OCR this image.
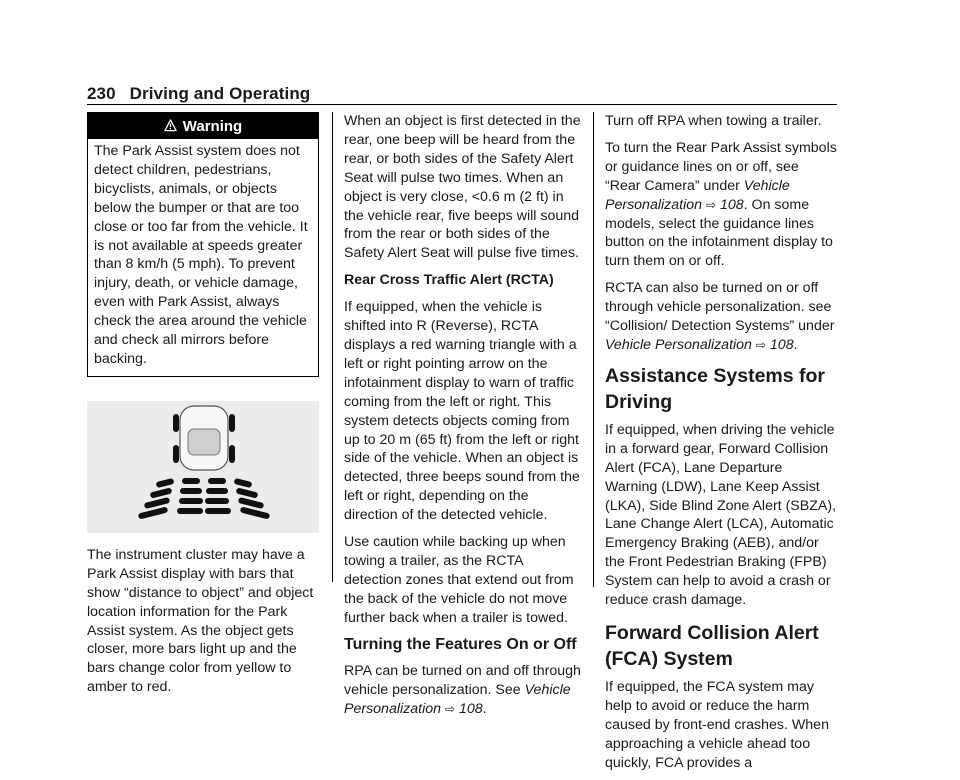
230 Driving and Operating
Warning
The Park Assist system does not detect children, pedestrians, bicyclists, animals, or objects below the bumper or that are too close or too far from the vehicle. It is not available at speeds greater than 8 km/h (5 mph). To prevent injury, death, or vehicle damage, even with Park Assist, always check the area around the vehicle and check all mirrors before backing.

The instrument cluster may have a Park Assist display with bars that show “distance to object” and object location information for the Park Assist system. As the object gets closer, more bars light up and the bars change color from yellow to amber to red.

When an object is first detected in the rear, one beep will be heard from the rear, or both sides of the Safety Alert Seat will pulse two times. When an object is very close, <0.6 m (2 ft) in the vehicle rear, five beeps will sound from the rear or both sides of the Safety Alert Seat will pulse five times.

Rear Cross Traffic Alert (RCTA)

If equipped, when the vehicle is shifted into R (Reverse), RCTA displays a red warning triangle with a left or right pointing arrow on the infotainment display to warn of traffic coming from the left or right. This system detects objects coming from up to 20 m (65 ft) from the left or right side of the vehicle. When an object is detected, three beeps sound from the left or right, depending on the direction of the detected vehicle.

Use caution while backing up when towing a trailer, as the RCTA detection zones that extend out from the back of the vehicle do not move further back when a trailer is towed.

Turning the Features On or Off

RPA can be turned on and off through vehicle personalization. See Vehicle Personalization ⇨ 108.

Turn off RPA when towing a trailer.

To turn the Rear Park Assist symbols or guidance lines on or off, see “Rear Camera” under Vehicle Personalization ⇨ 108. On some models, select the guidance lines button on the infotainment display to turn them on or off.

RCTA can also be turned on or off through vehicle personalization. see “Collision/ Detection Systems” under Vehicle Personalization ⇨ 108.

Assistance Systems for Driving

If equipped, when driving the vehicle in a forward gear, Forward Collision Alert (FCA), Lane Departure Warning (LDW), Lane Keep Assist (LKA), Side Blind Zone Alert (SBZA), Lane Change Alert (LCA), Automatic Emergency Braking (AEB), and/or the Front Pedestrian Braking (FPB) System can help to avoid a crash or reduce crash damage.

Forward Collision Alert (FCA) System

If equipped, the FCA system may help to avoid or reduce the harm caused by front-end crashes. When approaching a vehicle ahead too quickly, FCA provides a
